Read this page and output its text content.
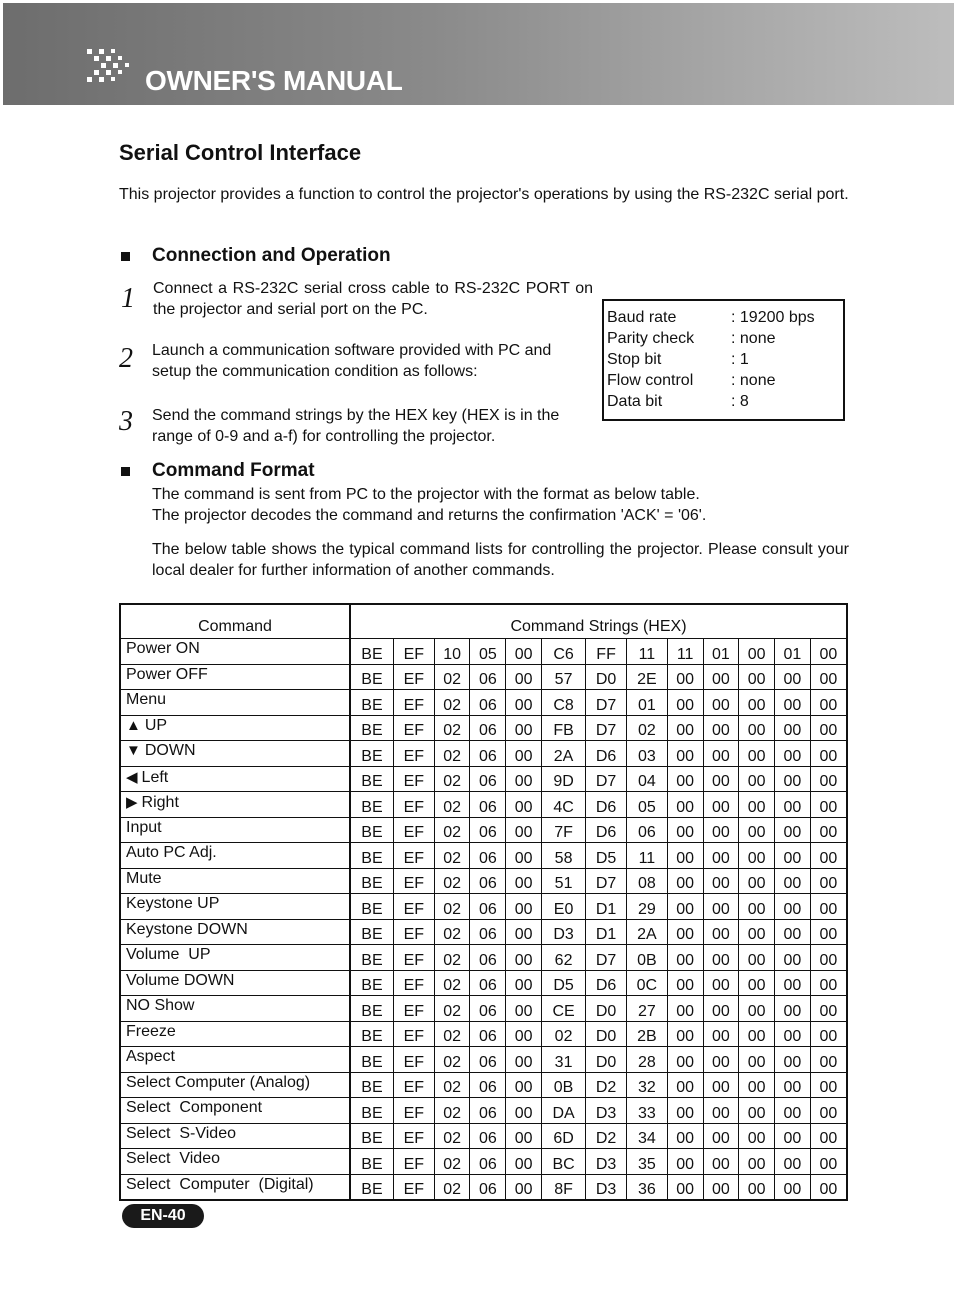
OWNER'S MANUAL
Serial Control Interface
This projector provides a function to control the projector's operations by using the RS-232C serial port.
Connection and Operation
1 Connect a RS-232C serial cross cable to RS-232C PORT on the projector and serial port on the PC.
2 Launch a communication software provided with PC and setup the communication condition as follows:
3 Send the command strings by the HEX key (HEX is in the range of 0-9 and a-f) for controlling the projector.
Baud rate	: 19200 bps
Parity check	: none
Stop bit	: 1
Flow control	: none
Data bit	: 8
Command Format
The command is sent from PC to the projector with the format as below table.
The projector decodes the command and returns the confirmation 'ACK' = '06'.
The below table shows the typical command lists for controlling the projector. Please consult your local dealer for further information of another commands.
Command	Command Strings (HEX)												
Power ON	BE	EF	10	05	00	C6	FF	11	11	01	00	01	00
Power OFF	BE	EF	02	06	00	57	D0	2E	00	00	00	00	00
Menu	BE	EF	02	06	00	C8	D7	01	00	00	00	00	00
▲ UP	BE	EF	02	06	00	FB	D7	02	00	00	00	00	00
▼ DOWN	BE	EF	02	06	00	2A	D6	03	00	00	00	00	00
◀ Left	BE	EF	02	06	00	9D	D7	04	00	00	00	00	00
▶ Right	BE	EF	02	06	00	4C	D6	05	00	00	00	00	00
Input	BE	EF	02	06	00	7F	D6	06	00	00	00	00	00
Auto PC Adj.	BE	EF	02	06	00	58	D5	11	00	00	00	00	00
Mute	BE	EF	02	06	00	51	D7	08	00	00	00	00	00
Keystone UP	BE	EF	02	06	00	E0	D1	29	00	00	00	00	00
Keystone DOWN	BE	EF	02	06	00	D3	D1	2A	00	00	00	00	00
Volume  UP	BE	EF	02	06	00	62	D7	0B	00	00	00	00	00
Volume DOWN	BE	EF	02	06	00	D5	D6	0C	00	00	00	00	00
NO Show	BE	EF	02	06	00	CE	D0	27	00	00	00	00	00
Freeze	BE	EF	02	06	00	02	D0	2B	00	00	00	00	00
Aspect	BE	EF	02	06	00	31	D0	28	00	00	00	00	00
Select Computer (Analog)	BE	EF	02	06	00	0B	D2	32	00	00	00	00	00
Select  Component	BE	EF	02	06	00	DA	D3	33	00	00	00	00	00
Select  S-Video	BE	EF	02	06	00	6D	D2	34	00	00	00	00	00
Select  Video	BE	EF	02	06	00	BC	D3	35	00	00	00	00	00
Select  Computer  (Digital)	BE	EF	02	06	00	8F	D3	36	00	00	00	00	00
EN-40
